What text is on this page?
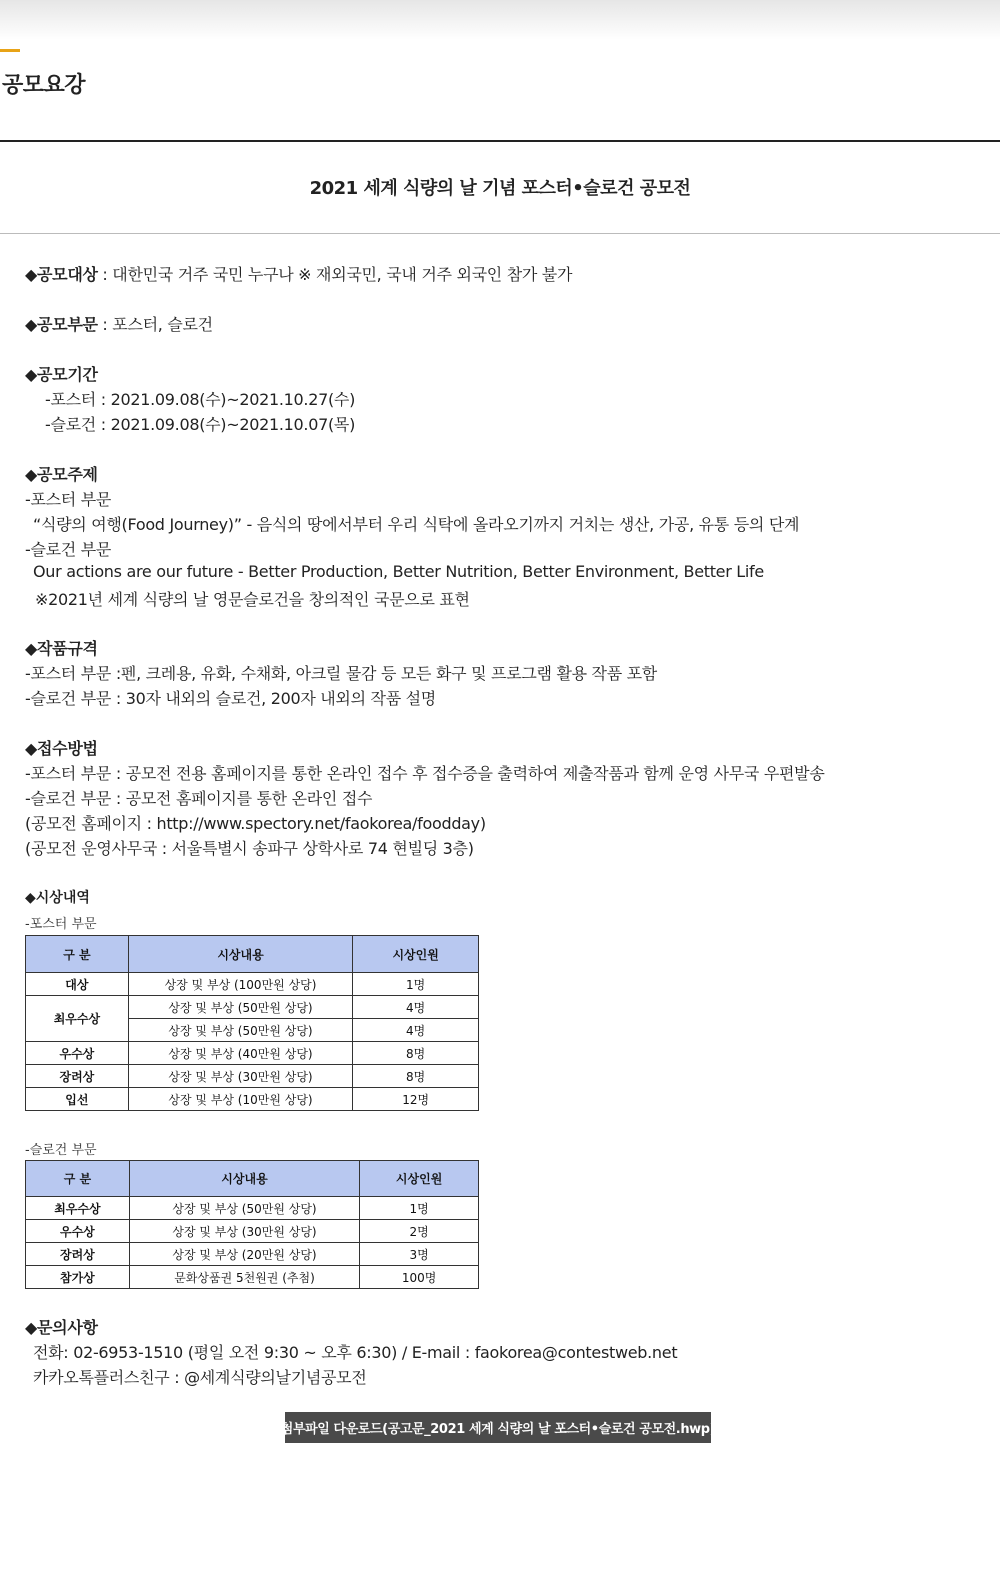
공모요강
2021 세계 식량의 날 기념 포스터•슬로건 공모전
◆공모대상 : 대한민국 거주 국민 누구나 ※ 재외국민, 국내 거주 외국인 참가 불가
◆공모부문 : 포스터, 슬로건
◆공모기간
-포스터 : 2021.09.08(수)~2021.10.27(수)
-슬로건 : 2021.09.08(수)~2021.10.07(목)
◆공모주제
-포스터 부문
“식량의 여행(Food Journey)” - 음식의 땅에서부터 우리 식탁에 올라오기까지 거치는 생산, 가공, 유통 등의 단계
-슬로건 부문
Our actions are our future - Better Production, Better Nutrition, Better Environment, Better Life
※2021년 세계 식량의 날 영문슬로건을 창의적인 국문으로 표현
◆작품규격
-포스터 부문 :펜, 크레용, 유화, 수채화, 아크릴 물감 등 모든 화구 및 프로그램 활용 작품 포함
-슬로건 부문 : 30자 내외의 슬로건, 200자 내외의 작품 설명
◆접수방법
-포스터 부문 : 공모전 전용 홈페이지를 통한 온라인 접수 후 접수증을 출력하여 제출작품과 함께 운영 사무국 우편발송
-슬로건 부문 : 공모전 홈페이지를 통한 온라인 접수
(공모전 홈페이지 : http://www.spectory.net/faokorea/foodday)
(공모전 운영사무국 : 서울특별시 송파구 상학사로 74 현빌딩 3층)
◆시상내역
-포스터 부문
구 분	시상내용	시상인원
대상	상장 및 부상 (100만원 상당)	1명
최우수상	상장 및 부상 (50만원 상당)	4명
	상장 및 부상 (50만원 상당)	4명
우수상	상장 및 부상 (40만원 상당)	8명
장려상	상장 및 부상 (30만원 상당)	8명
입선	상장 및 부상 (10만원 상당)	12명
-슬로건 부문
구 분	시상내용	시상인원
최우수상	상장 및 부상 (50만원 상당)	1명
우수상	상장 및 부상 (30만원 상당)	2명
장려상	상장 및 부상 (20만원 상당)	3명
참가상	문화상품권 5천원권 (추첨)	100명
◆문의사항
전화: 02-6953-1510 (평일 오전 9:30 ~ 오후 6:30) / E-mail : faokorea@contestweb.net
카카오톡플러스친구 : @세계식량의날기념공모전
첨부파일 다운로드(공고문_2021 세계 식량의 날 포스터•슬로건 공모전.hwp)
